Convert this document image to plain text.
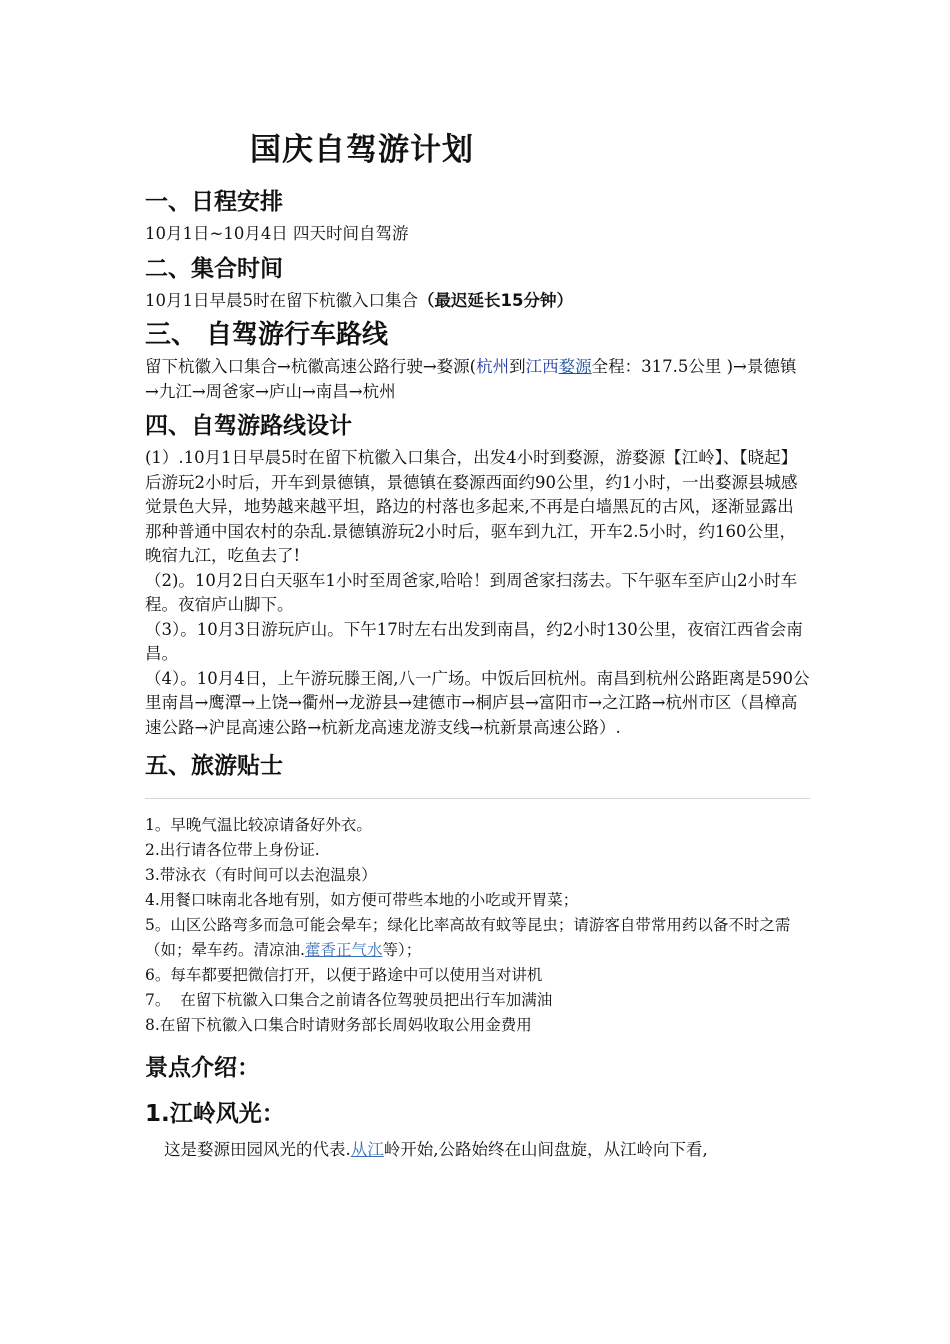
国庆自驾游计划
一、日程安排

10月1日~10月4日 四天时间自驾游

二、集合时间

10月1日早晨5时在留下杭徽入口集合（最迟延长15分钟）

三、 自驾游行车路线

留下杭徽入口集合→杭徽高速公路行驶→婺源(杭州到江西婺源全程：317.5公里 )→景德镇→九江→周爸家→庐山→南昌→杭州

四、自驾游路线设计

(1）.10月1日早晨5时在留下杭徽入口集合，出发4小时到婺源，游婺源【江岭】、【晓起】后游玩2小时后，开车到景德镇，景德镇在婺源西面约90公里，约1小时，一出婺源县城感觉景色大异，地势越来越平坦，路边的村落也多起来,不再是白墙黑瓦的古风，逐渐显露出那种普通中国农村的杂乱.景德镇游玩2小时后，驱车到九江，开车2.5小时，约160公里，晚宿九江，吃鱼去了!

（2)。10月2日白天驱车1小时至周爸家,哈哈！到周爸家扫荡去。下午驱车至庐山2小时车程。夜宿庐山脚下。

（3）。10月3日游玩庐山。下午17时左右出发到南昌，约2小时130公里，夜宿江西省会南昌。

（4）。10月4日，上午游玩滕王阁,八一广场。中饭后回杭州。南昌到杭州公路距离是590公里南昌→鹰潭→上饶→衢州→龙游县→建德市→桐庐县→富阳市→之江路→杭州市区（昌樟高速公路→沪昆高速公路→杭新龙高速龙游支线→杭新景高速公路）.

五、旅游贴士

1。早晚气温比较凉请备好外衣。

2.出行请各位带上身份证.

3.带泳衣（有时间可以去泡温泉）

4.用餐口味南北各地有别，如方便可带些本地的小吃或开胃菜；

5。山区公路弯多而急可能会晕车；绿化比率高故有蚊等昆虫；请游客自带常用药以备不时之需（如；晕车药。清凉油.藿香正气水等）；

6。每车都要把微信打开，以便于路途中可以使用当对讲机

7。  在留下杭徽入口集合之前请各位驾驶员把出行车加满油

8.在留下杭徽入口集合时请财务部长周妈收取公用金费用

景点介绍：
1.江岭风光：

这是婺源田园风光的代表.从江岭开始,公路始终在山间盘旋，从江岭向下看,
